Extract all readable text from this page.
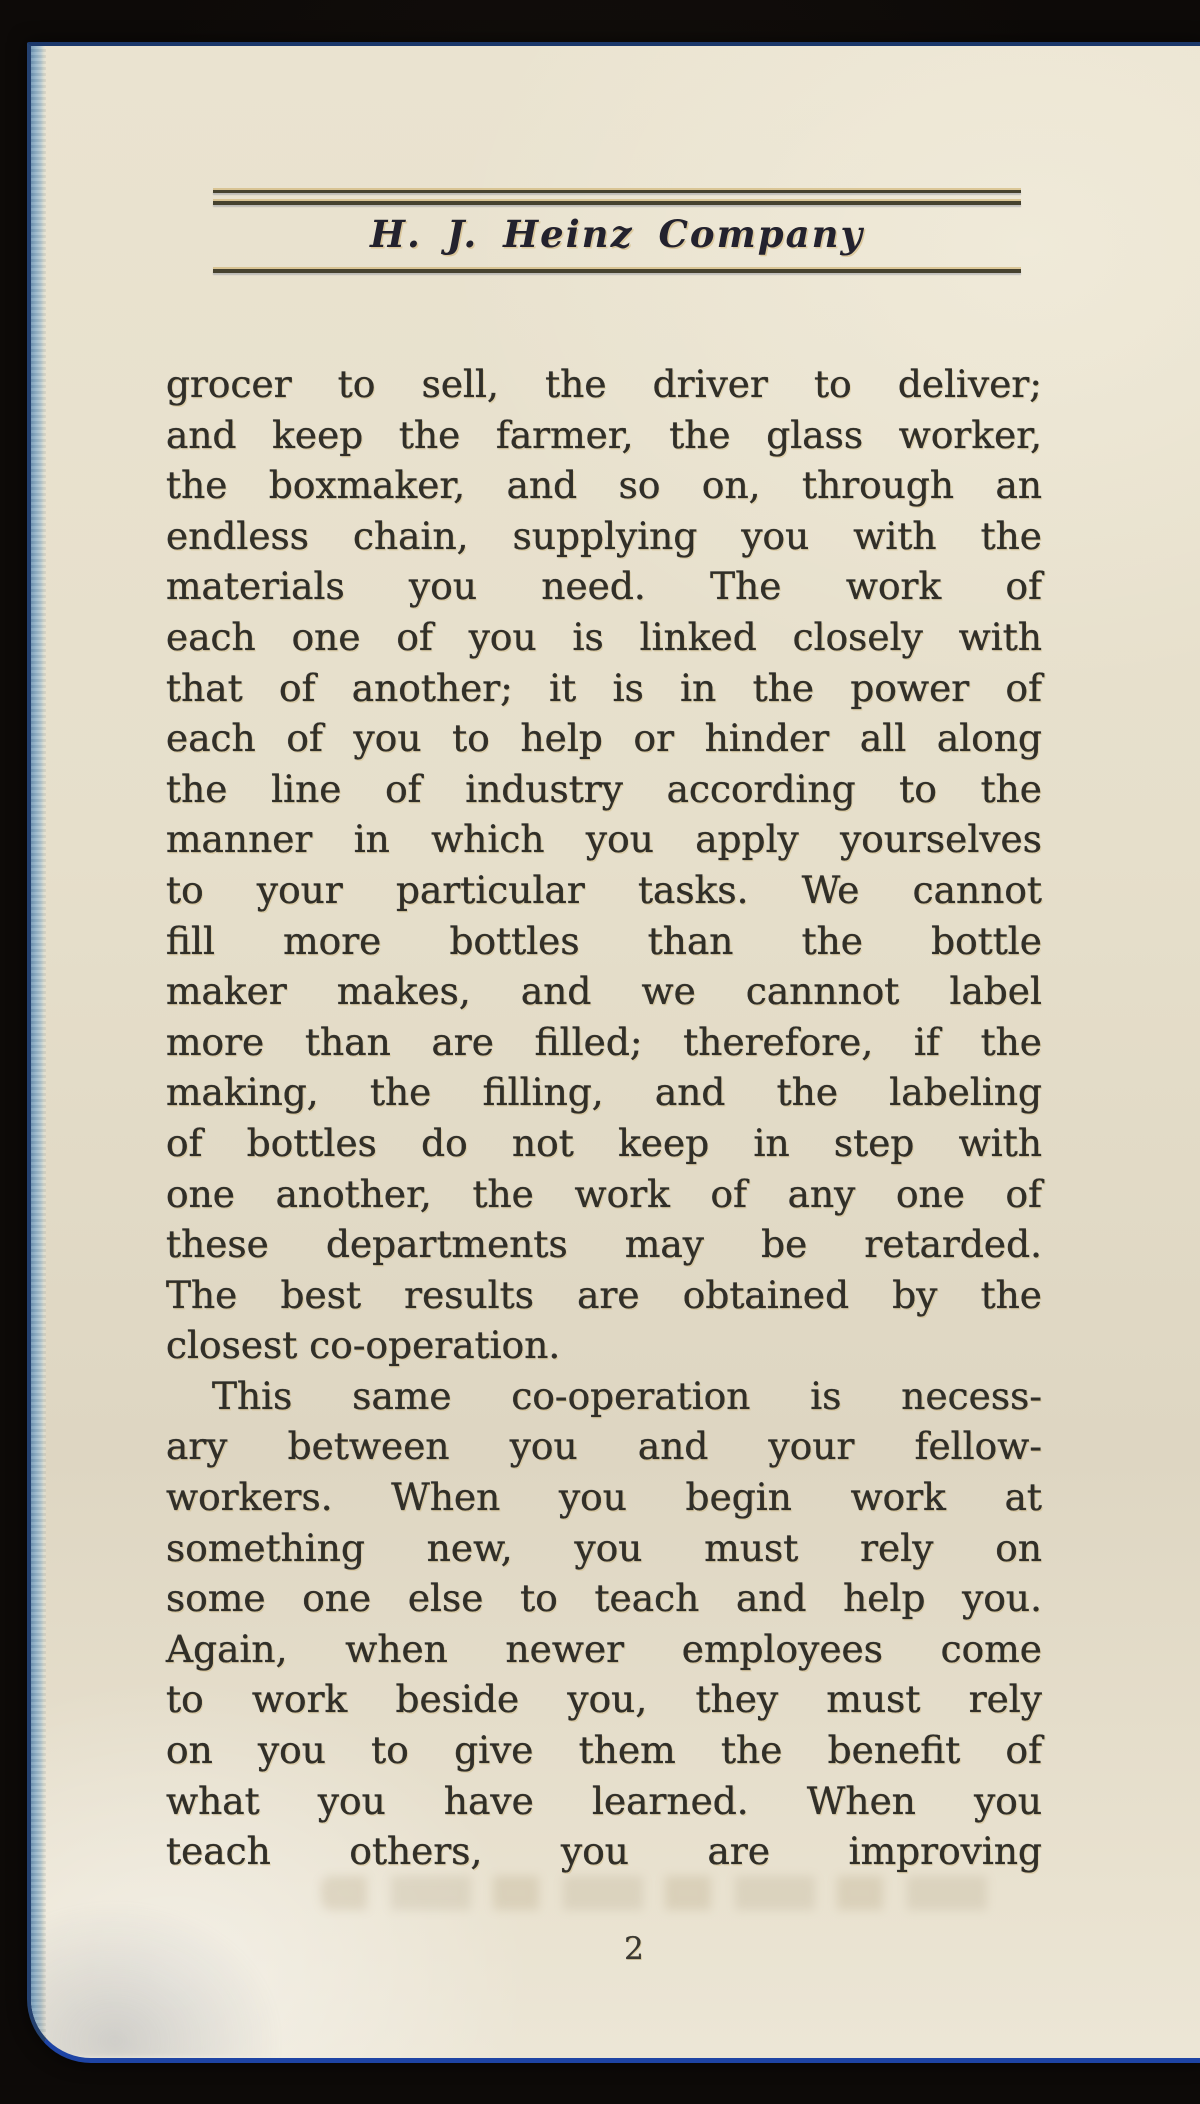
H. J. Heinz Company
grocer to sell, the driver to deliver;
and keep the farmer, the glass worker,
the boxmaker, and so on, through an
endless chain, supplying you with the
materials you need. The work of
each one of you is linked closely with
that of another; it is in the power of
each of you to help or hinder all along
the line of industry according to the
manner in which you apply yourselves
to your particular tasks. We cannot
fill more bottles than the bottle
maker makes, and we cannnot label
more than are filled; therefore, if the
making, the filling, and the labeling
of bottles do not keep in step with
one another, the work of any one of
these departments may be retarded.
The best results are obtained by the
closest co-operation.
This same co-operation is necess-
ary between you and your fellow-
workers. When you begin work at
something new, you must rely on
some one else to teach and help you.
Again, when newer employees come
to work beside you, they must rely
on you to give them the benefit of
what you have learned. When you
teach others, you are improving
2
